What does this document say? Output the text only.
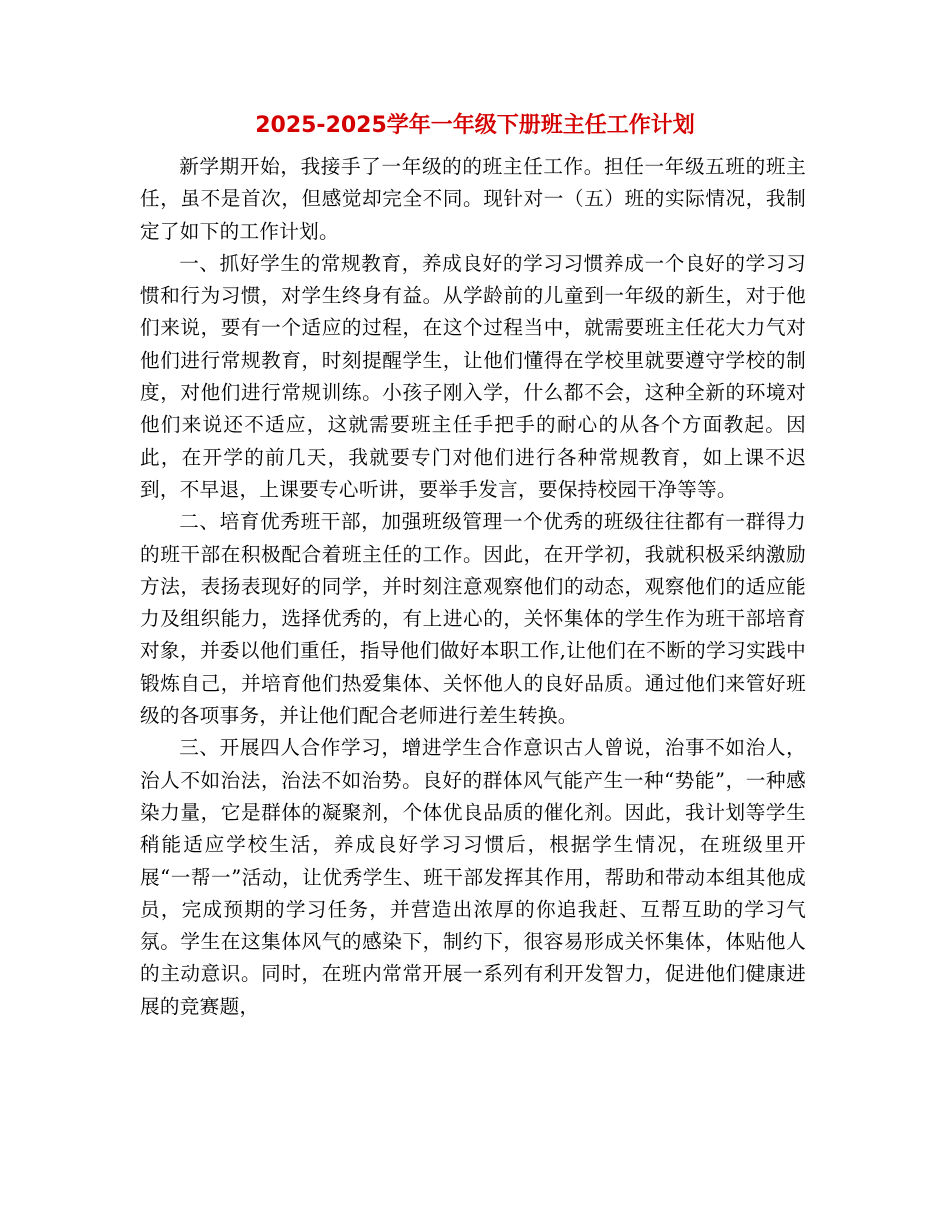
2025-2025学年一年级下册班主任工作计划

新学期开始，我接手了一年级的的班主任工作。担任一年级五班的班主任，虽不是首次，但感觉却完全不同。现针对一（五）班的实际情况，我制定了如下的工作计划。

一、抓好学生的常规教育，养成良好的学习习惯养成一个良好的学习习惯和行为习惯，对学生终身有益。从学龄前的儿童到一年级的新生，对于他们来说，要有一个适应的过程，在这个过程当中，就需要班主任花大力气对他们进行常规教育，时刻提醒学生，让他们懂得在学校里就要遵守学校的制度，对他们进行常规训练。小孩子刚入学，什么都不会，这种全新的环境对他们来说还不适应，这就需要班主任手把手的耐心的从各个方面教起。因此，在开学的前几天，我就要专门对他们进行各种常规教育，如上课不迟到，不早退，上课要专心听讲，要举手发言，要保持校园干净等等。

二、培育优秀班干部，加强班级管理一个优秀的班级往往都有一群得力的班干部在积极配合着班主任的工作。因此，在开学初，我就积极采纳激励方法，表扬表现好的同学，并时刻注意观察他们的动态，观察他们的适应能力及组织能力，选择优秀的，有上进心的，关怀集体的学生作为班干部培育对象，并委以他们重任，指导他们做好本职工作,让他们在不断的学习实践中锻炼自己，并培育他们热爱集体、关怀他人的良好品质。通过他们来管好班级的各项事务，并让他们配合老师进行差生转换。

三、开展四人合作学习，增进学生合作意识古人曾说，治事不如治人，治人不如治法，治法不如治势。良好的群体风气能产生一种“势能”，一种感染力量，它是群体的凝聚剂，个体优良品质的催化剂。因此，我计划等学生稍能适应学校生活，养成良好学习习惯后，根据学生情况，在班级里开展“一帮一”活动，让优秀学生、班干部发挥其作用，帮助和带动本组其他成员，完成预期的学习任务，并营造出浓厚的你追我赶、互帮互助的学习气氛。学生在这集体风气的感染下，制约下，很容易形成关怀集体，体贴他人的主动意识。同时，在班内常常开展一系列有利开发智力，促进他们健康进展的竞赛题，
